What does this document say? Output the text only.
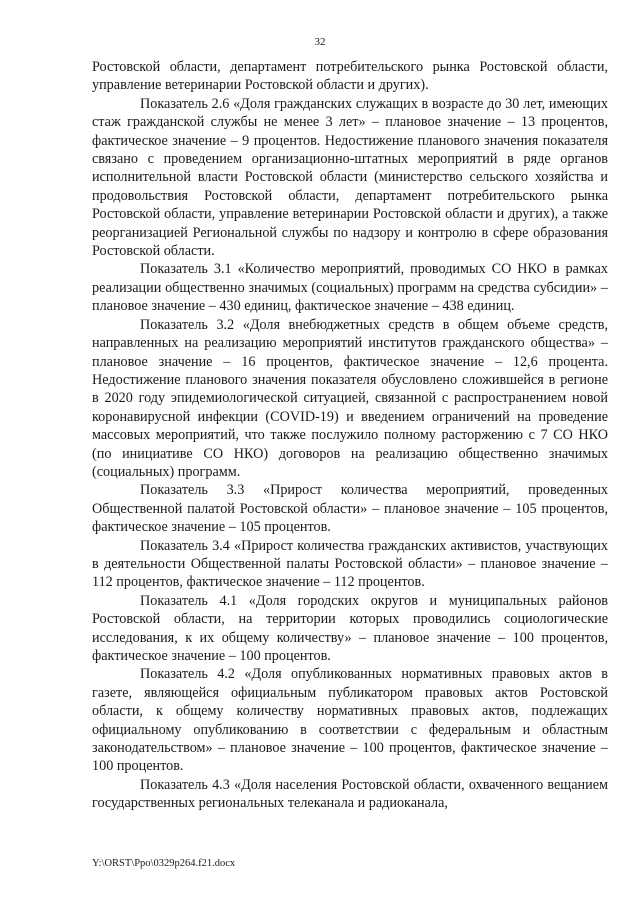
32

Ростовской области, департамент потребительского рынка Ростовской области, управление ветеринарии Ростовской области и других).

Показатель 2.6 «Доля гражданских служащих в возрасте до 30 лет, имеющих стаж гражданской службы не менее 3 лет» – плановое значение – 13 процентов, фактическое значение – 9 процентов. Недостижение планового значения показателя связано с проведением организационно-штатных мероприятий в ряде органов исполнительной власти Ростовской области (министерство сельского хозяйства и продовольствия Ростовской области, департамент потребительского рынка Ростовской области, управление ветеринарии Ростовской области и других), а также реорганизацией Региональной службы по надзору и контролю в сфере образования Ростовской области.

Показатель 3.1 «Количество мероприятий, проводимых СО НКО в рамках реализации общественно значимых (социальных) программ на средства субсидии» – плановое значение – 430 единиц, фактическое значение – 438 единиц.

Показатель 3.2 «Доля внебюджетных средств в общем объеме средств, направленных на реализацию мероприятий институтов гражданского общества» – плановое значение – 16 процентов, фактическое значение – 12,6 процента. Недостижение планового значения показателя обусловлено сложившейся в регионе в 2020 году эпидемиологической ситуацией, связанной с распространением новой коронавирусной инфекции (COVID-19) и введением ограничений на проведение массовых мероприятий, что также послужило полному расторжению с 7 СО НКО (по инициативе СО НКО) договоров на реализацию общественно значимых (социальных) программ.

Показатель 3.3 «Прирост количества мероприятий, проведенных Общественной палатой Ростовской области» – плановое значение – 105 процентов, фактическое значение – 105 процентов.

Показатель 3.4 «Прирост количества гражданских активистов, участвующих в деятельности Общественной палаты Ростовской области» – плановое значение – 112 процентов, фактическое значение – 112 процентов.

Показатель 4.1 «Доля городских округов и муниципальных районов Ростовской области, на территории которых проводились социологические исследования, к их общему количеству» – плановое значение – 100 процентов, фактическое значение – 100 процентов.

Показатель 4.2 «Доля опубликованных нормативных правовых актов в газете, являющейся официальным публикатором правовых актов Ростовской области, к общему количеству нормативных правовых актов, подлежащих официальному опубликованию в соответствии с федеральным и областным законодательством» – плановое значение – 100 процентов, фактическое значение – 100 процентов.

Показатель 4.3 «Доля населения Ростовской области, охваченного вещанием государственных региональных телеканала и радиоканала,

Y:\ORST\Ppo\0329p264.f21.docx
